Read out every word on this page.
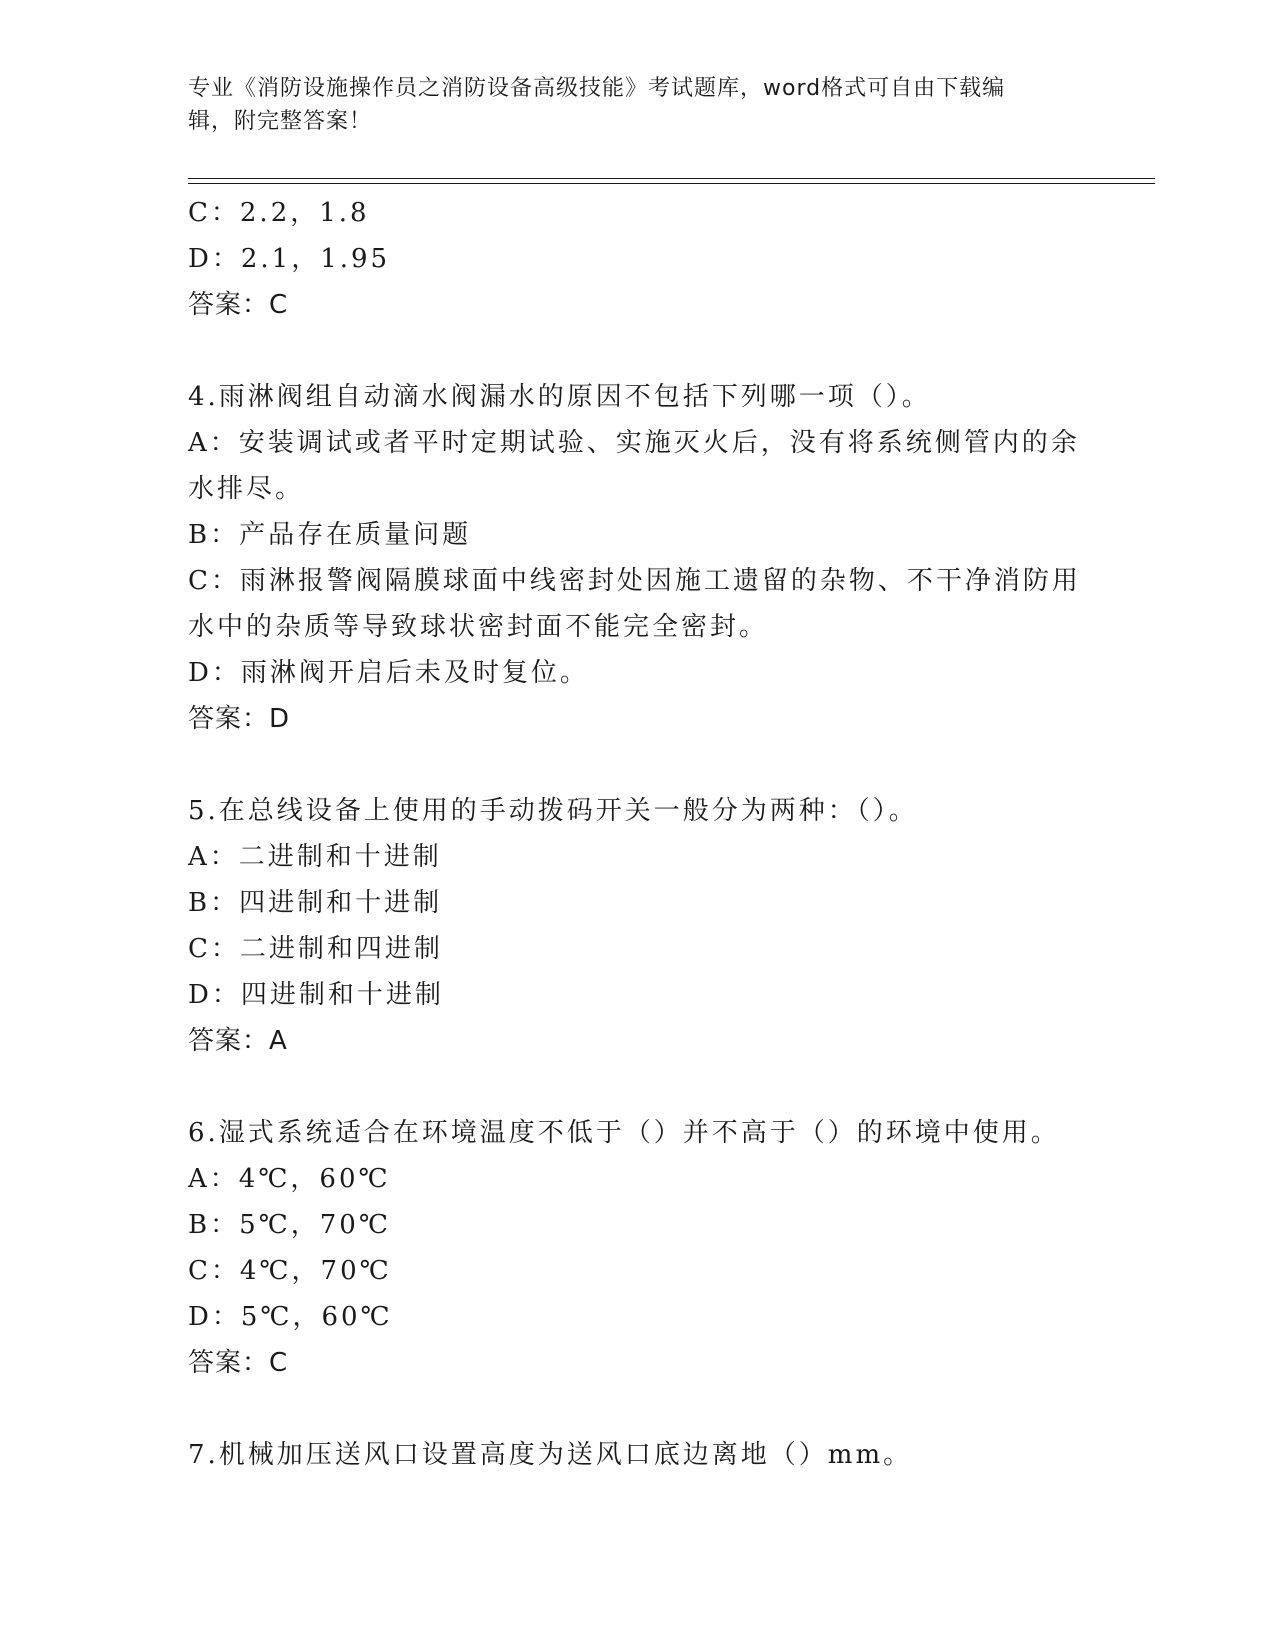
专业《消防设施操作员之消防设备高级技能》考试题库，word格式可自由下载编
辑，附完整答案！
C：2.2，1.8
D：2.1，1.95
答案：C
4.雨淋阀组自动滴水阀漏水的原因不包括下列哪一项（）。
A：安装调试或者平时定期试验、实施灭火后，没有将系统侧管内的余
水排尽。
B：产品存在质量问题
C：雨淋报警阀隔膜球面中线密封处因施工遗留的杂物、不干净消防用
水中的杂质等导致球状密封面不能完全密封。
D：雨淋阀开启后未及时复位。
答案：D
5.在总线设备上使用的手动拨码开关一般分为两种：（）。
A：二进制和十进制
B：四进制和十进制
C：二进制和四进制
D：四进制和十进制
答案：A
6.湿式系统适合在环境温度不低于（）并不高于（）的环境中使用。
A：4℃，60℃
B：5℃，70℃
C：4℃，70℃
D：5℃，60℃
答案：C
7.机械加压送风口设置高度为送风口底边离地（）mm。
